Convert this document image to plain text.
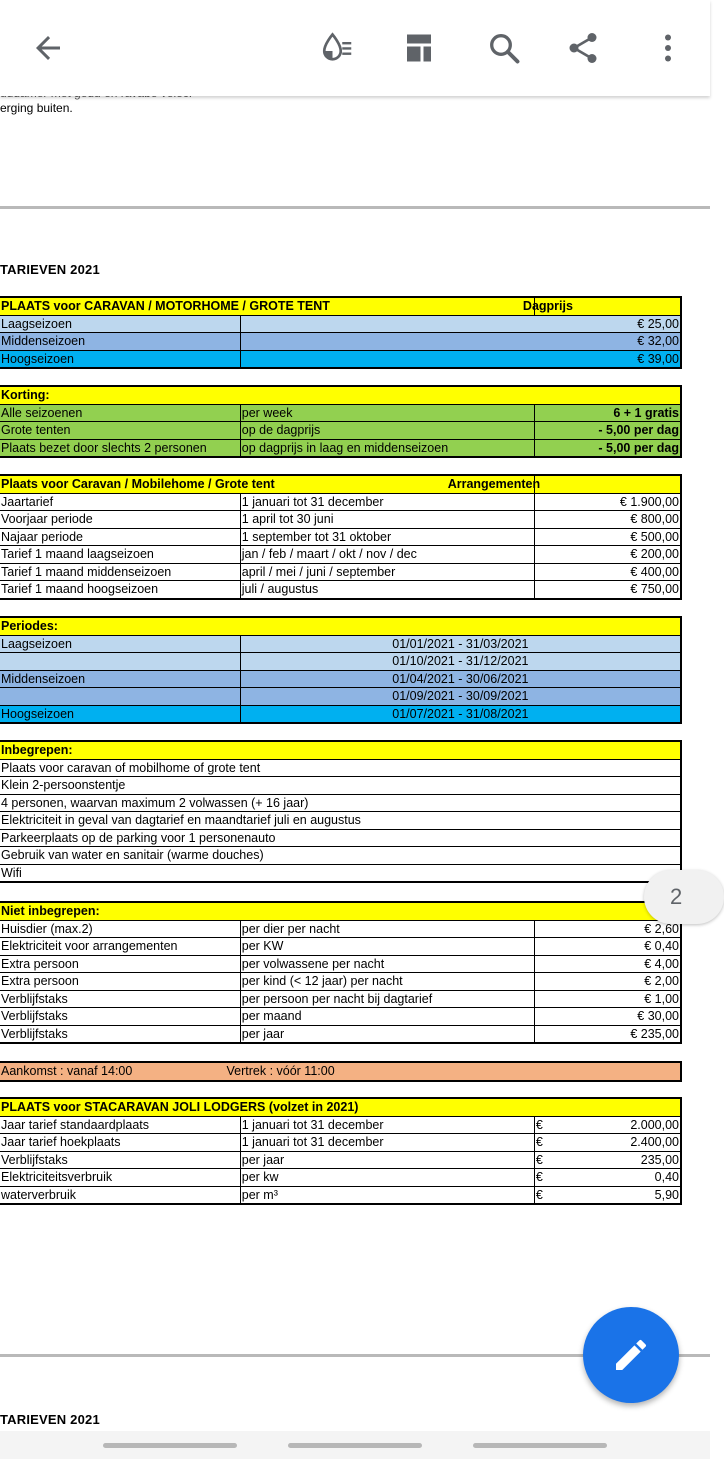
erging buiten.
TARIEVEN 2021
PLAATS voor CARAVAN / MOTORHOME / GROTE TENT		Dagprijs
Laagseizoen	€ 25,00	
Middenseizoen	€ 32,00	
Hoogseizoen	€ 39,00	
Korting:		
Alle seizoenen	per week	6 + 1 gratis
Grote tenten	op de dagprijs	- 5,00 per dag
Plaats bezet door slechts 2 personen	op dagprijs in laag en middenseizoen	- 5,00 per dag
Plaats voor Caravan / Mobilehome / Grote tent Arrangementen		
Jaartarief	1 januari tot 31 december	€ 1.900,00
Voorjaar periode	1 april tot 30 juni	€ 800,00
Najaar periode	1 september tot 31 oktober	€ 500,00
Tarief 1 maand laagseizoen	jan / feb / maart / okt / nov / dec	€ 200,00
Tarief 1 maand middenseizoen	april / mei / juni / september	€ 400,00
Tarief 1 maand hoogseizoen	juli / augustus	€ 750,00
Periodes:	
Laagseizoen	01/01/2021 - 31/03/2021
	01/10/2021 - 31/12/2021
Middenseizoen	01/04/2021 - 30/06/2021
	01/09/2021 - 30/09/2021
Hoogseizoen	01/07/2021 - 31/08/2021
Inbegrepen:
Plaats voor caravan of mobilhome of grote tent
Klein 2-persoonstentje
4 personen, waarvan maximum 2 volwassen (+ 16 jaar)
Elektriciteit in geval van dagtarief en maandtarief juli en augustus
Parkeerplaats op de parking voor 1 personenauto
Gebruik van water en sanitair (warme douches)
Wifi
Niet inbegrepen:		
Huisdier (max.2)	per dier per nacht	€ 2,60
Elektriciteit voor arrangementen	per KW	€ 0,40
Extra persoon	per volwassene per nacht	€ 4,00
Extra persoon	per kind (< 12 jaar) per nacht	€ 2,00
Verblijfstaks	per persoon per nacht bij dagtarief	€ 1,00
Verblijfstaks	per maand	€ 30,00
Verblijfstaks	per jaar	€ 235,00
Aankomst : vanaf 14:00	Vertrek : vóór 11:00
PLAATS voor STACARAVAN JOLI LODGERS (volzet in 2021)			
Jaar tarief standaardplaats	1 januari tot 31 december	€	2.000,00
Jaar tarief hoekplaats	1 januari tot 31 december	€	2.400,00
Verblijfstaks	per jaar	€	235,00
Elektriciteitsverbruik	per kw	€	0,40
waterverbruik	per m³	€	5,90
TARIEVEN 2021
2
